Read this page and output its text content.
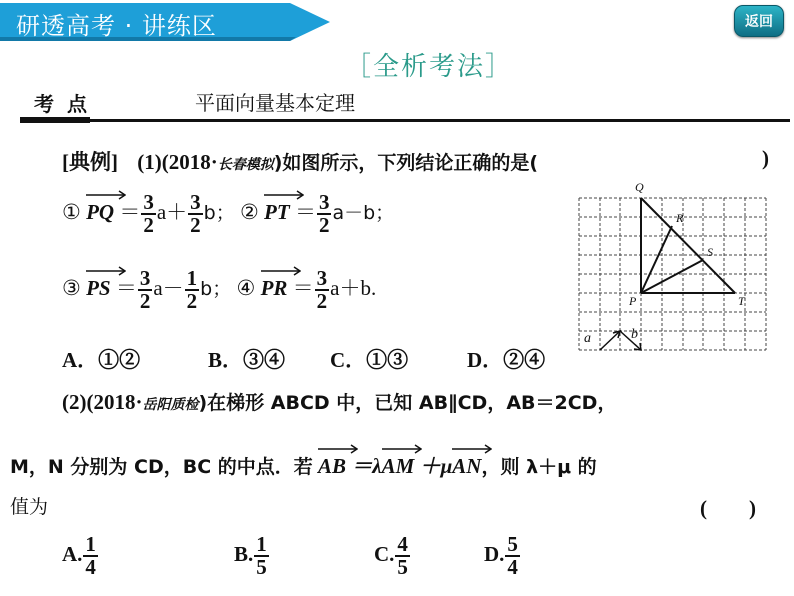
研透高考 · 讲练区	返回
［全析考法］
考 点	平面向量基本定理
[典例] (1)(2018·长春模拟)如图所示，下列结论正确的是(	)
① PQ ＝ $\frac{3}{2} a+ \frac{3}{2}$ b； ② PT ＝ $\frac{3}{2} a-b$；
③ PS ＝ $\frac{3}{2} a- \frac{1}{2}$ b； ④ PR ＝ $\frac{3}{2} a+b$.
A．①②	B．③④ C．①③	D．②④
Q
R
S
P	T
a	b
(2)(2018·岳阳质检)在梯形 ABCD 中，已知 AB∥CD，AB＝2CD，
M，N 分别为 CD，BC 的中点．若 AB ＝λ
AM ＋μ
AN，则 λ＋μ 的
值为	(　　)
A. $\frac{1}{4}$	B. $\frac{1}{5}$	C. $\frac{4}{5}$	D. $\frac{5}{4}$
